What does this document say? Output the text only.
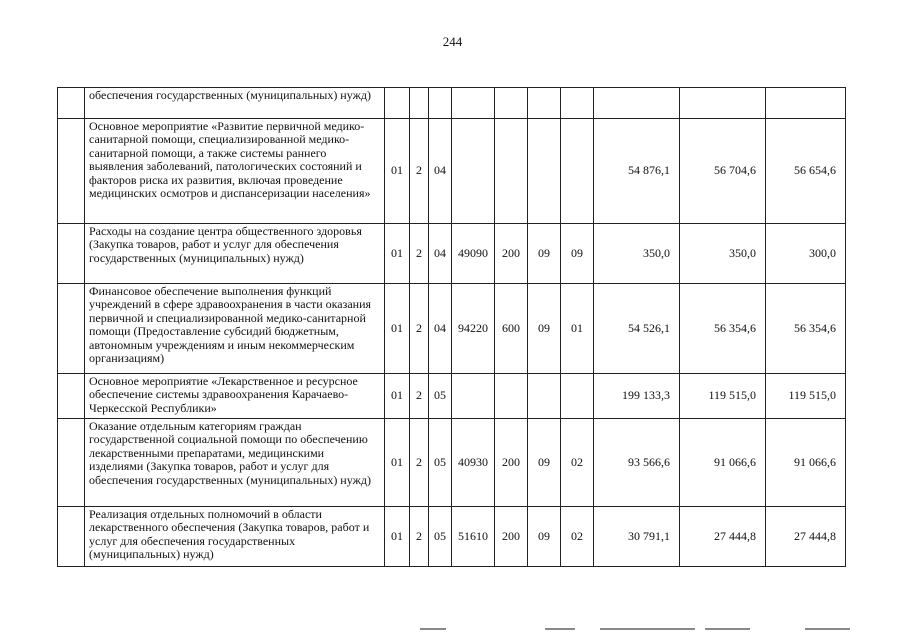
244
	обеспечения государственных (муниципальных) нужд)										
	Основное мероприятие «Развитие первичной медико-санитарной помощи, специализированной медико-санитарной помощи, а также системы раннего выявления заболеваний, патологических состояний и факторов риска их развития, включая проведение медицинских осмотров и диспансеризации населения»	01	2	04					54 876,1	56 704,6	56 654,6
	Расходы на создание центра общественного здоровья (Закупка товаров, работ и услуг для обеспечения государственных (муниципальных) нужд)	01	2	04	49090	200	09	09	350,0	350,0	300,0
	Финансовое обеспечение выполнения функций учреждений в сфере здравоохранения в части оказания первичной и специализированной медико-санитарной помощи (Предоставление субсидий бюджетным, автономным учреждениям и иным некоммерческим организациям)	01	2	04	94220	600	09	01	54 526,1	56 354,6	56 354,6
	Основное мероприятие «Лекарственное и ресурсное обеспечение системы здравоохранения Карачаево-Черкесской Республики»	01	2	05					199 133,3	119 515,0	119 515,0
	Оказание отдельным категориям граждан государственной социальной помощи по обеспечению лекарственными препаратами, медицинскими изделиями (Закупка товаров, работ и услуг для обеспечения государственных (муниципальных) нужд)	01	2	05	40930	200	09	02	93 566,6	91 066,6	91 066,6
	Реализация отдельных полномочий в области лекарственного обеспечения (Закупка товаров, работ и услуг для обеспечения государственных (муниципальных) нужд)	01	2	05	51610	200	09	02	30 791,1	27 444,8	27 444,8
